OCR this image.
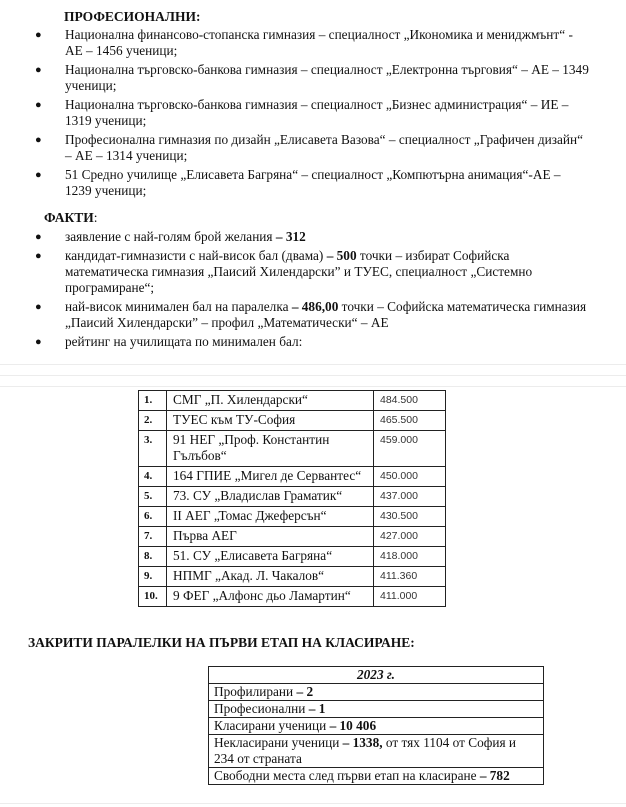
ПРОФЕСИОНАЛНИ:
● Национална финансово-стопанска гимназия – специалност „Икономика и мениджмънт“ - АЕ – 1456 ученици;
● Национална търговско-банкова гимназия – специалност „Електронна търговия“ – АЕ – 1349 ученици;
● Национална търговско-банкова гимназия – специалност „Бизнес администрация“ – ИЕ – 1319 ученици;
● Професионална гимназия по дизайн „Елисавета Вазова“ – специалност „Графичен дизайн“ – АЕ – 1314 ученици;
● 51 Средно училище „Елисавета Багряна“ – специалност „Компютърна анимация“-АЕ – 1239 ученици;
ФАКТИ:
● заявление с най-голям брой желания – 312
● кандидат-гимназисти с най-висок бал (двама) – 500 точки – избират Софийска математическа гимназия „Паисий Хилендарски” и ТУЕС, специалност „Системно програмиране“;
● най-висок минимален бал на паралелка – 486,00 точки – Софийска математическа гимназия „Паисий Хилендарски” – профил „Математически“ – АЕ
● рейтинг на училищата по минимален бал:
1.	СМГ „П. Хилендарски“	484.500
2.	ТУЕС към ТУ-София	465.500
3.	91 НЕГ „Проф. Константин Гълъбов“	459.000
4.	164 ГПИЕ „Мигел де Сервантес“	450.000
5.	73. СУ „Владислав Граматик“	437.000
6.	II АЕГ „Томас Джеферсън“	430.500
7.	Първа АЕГ	427.000
8.	51. СУ „Елисавета Багряна“	418.000
9.	НПМГ „Акад. Л. Чакалов“	411.360
10.	9 ФЕГ „Алфонс дьо Ламартин“	411.000
ЗАКРИТИ ПАРАЛЕЛКИ НА ПЪРВИ ЕТАП НА КЛАСИРАНЕ:
2023 г.
Профилирани – 2
Професионални – 1
Класирани ученици – 10 406
Некласирани ученици – 1338, от тях 1104 от София и 234 от страната
Свободни места след първи етап на класиране – 782
